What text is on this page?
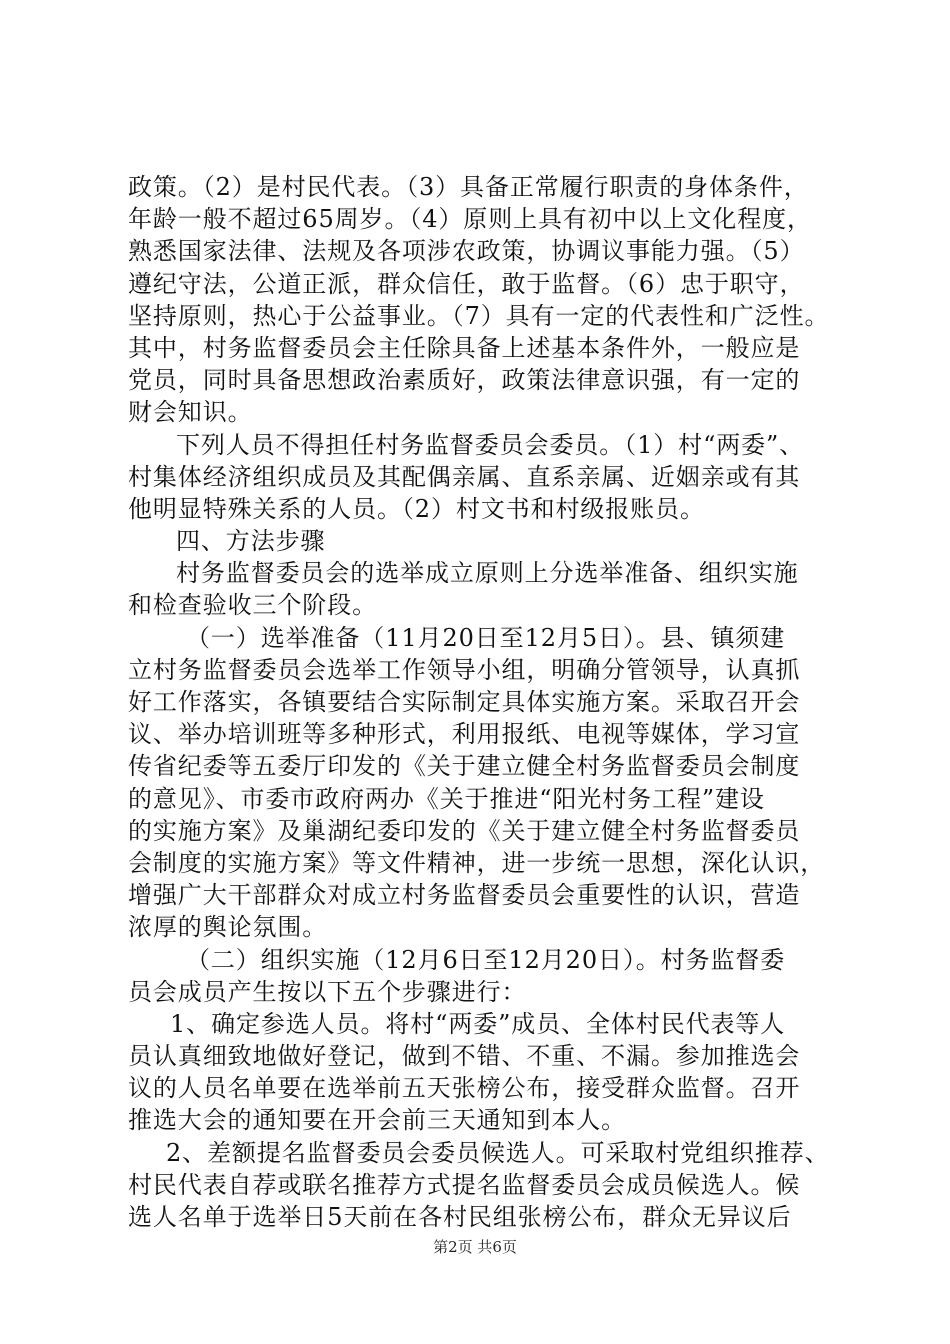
政策。（2）是村民代表。（3）具备正常履行职责的身体条件，
年龄一般不超过65周岁。（4）原则上具有初中以上文化程度，
熟悉国家法律、法规及各项涉农政策，协调议事能力强。（5）
遵纪守法，公道正派，群众信任，敢于监督。（6）忠于职守，
坚持原则，热心于公益事业。（7）具有一定的代表性和广泛性。
其中，村务监督委员会主任除具备上述基本条件外，一般应是
党员，同时具备思想政治素质好，政策法律意识强，有一定的
财会知识。
下列人员不得担任村务监督委员会委员。（1）村“两委”、
村集体经济组织成员及其配偶亲属、直系亲属、近姻亲或有其
他明显特殊关系的人员。（2）村文书和村级报账员。
四、方法步骤
村务监督委员会的选举成立原则上分选举准备、组织实施
和检查验收三个阶段。
（一）选举准备（11月20日至12月5日）。县、镇须建
立村务监督委员会选举工作领导小组，明确分管领导，认真抓
好工作落实，各镇要结合实际制定具体实施方案。采取召开会
议、举办培训班等多种形式，利用报纸、电视等媒体，学习宣
传省纪委等五委厅印发的《关于建立健全村务监督委员会制度
的意见》、市委市政府两办《关于推进“阳光村务工程”建设
的实施方案》及巢湖纪委印发的《关于建立健全村务监督委员
会制度的实施方案》等文件精神，进一步统一思想，深化认识，
增强广大干部群众对成立村务监督委员会重要性的认识，营造
浓厚的舆论氛围。
（二）组织实施（12月6日至12月20日）。村务监督委
员会成员产生按以下五个步骤进行：
1、确定参选人员。将村“两委”成员、全体村民代表等人
员认真细致地做好登记，做到不错、不重、不漏。参加推选会
议的人员名单要在选举前五天张榜公布，接受群众监督。召开
推选大会的通知要在开会前三天通知到本人。
2、差额提名监督委员会委员候选人。可采取村党组织推荐、
村民代表自荐或联名推荐方式提名监督委员会成员候选人。候
选人名单于选举日5天前在各村民组张榜公布，群众无异议后
第2页 共6页
